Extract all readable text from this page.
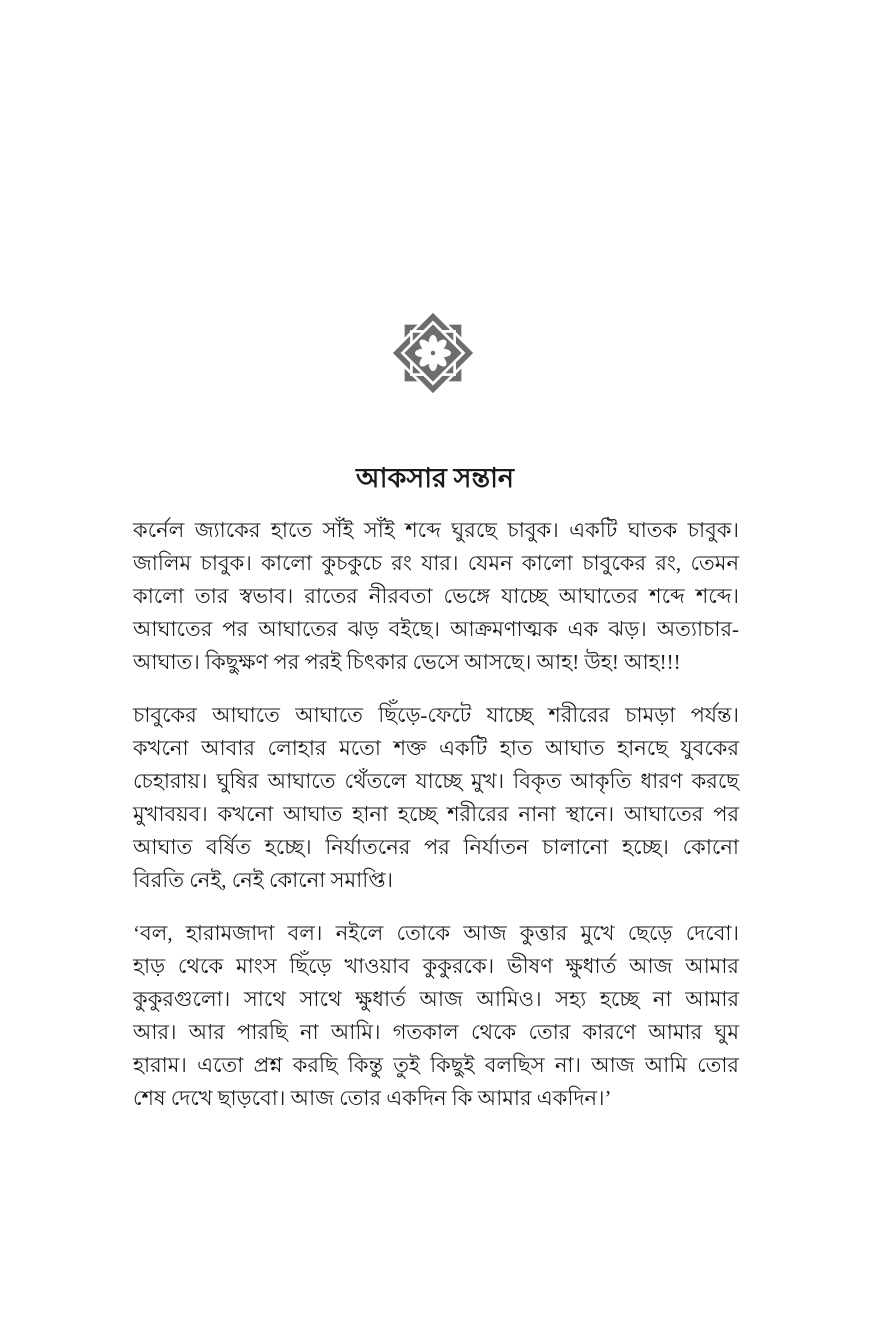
আকসার সন্তান

কর্নেল জ্যাকের হাতে সাঁই সাঁই শব্দে ঘুরছে চাবুক। একটি ঘাতক চাবুক।
জালিম চাবুক। কালো কুচকুচে রং যার। যেমন কালো চাবুকের রং, তেমন
কালো তার স্বভাব। রাতের নীরবতা ভেঙ্গে যাচ্ছে আঘাতের শব্দে শব্দে।
আঘাতের পর আঘাতের ঝড় বইছে। আক্রমণাত্মক এক ঝড়। অত্যাচার-
আঘাত। কিছুক্ষণ পর পরই চিৎকার ভেসে আসছে। আহ! উহ! আহ!!!

চাবুকের আঘাতে আঘাতে ছিঁড়ে-ফেটে যাচ্ছে শরীরের চামড়া পর্যন্ত।
কখনো আবার লোহার মতো শক্ত একটি হাত আঘাত হানছে যুবকের
চেহারায়। ঘুষির আঘাতে থেঁতলে যাচ্ছে মুখ। বিকৃত আকৃতি ধারণ করছে
মুখাবয়ব। কখনো আঘাত হানা হচ্ছে শরীরের নানা স্থানে। আঘাতের পর
আঘাত বর্ষিত হচ্ছে। নির্যাতনের পর নির্যাতন চালানো হচ্ছে। কোনো
বিরতি নেই, নেই কোনো সমাপ্তি।

‘বল, হারামজাদা বল। নইলে তোকে আজ কুত্তার মুখে ছেড়ে দেবো।
হাড় থেকে মাংস ছিঁড়ে খাওয়াব কুকুরকে। ভীষণ ক্ষুধার্ত আজ আমার
কুকুরগুলো। সাথে সাথে ক্ষুধার্ত আজ আমিও। সহ্য হচ্ছে না আমার
আর। আর পারছি না আমি। গতকাল থেকে তোর কারণে আমার ঘুম
হারাম। এতো প্রশ্ন করছি কিন্তু তুই কিছুই বলছিস না। আজ আমি তোর
শেষ দেখে ছাড়বো। আজ তোর একদিন কি আমার একদিন।’
